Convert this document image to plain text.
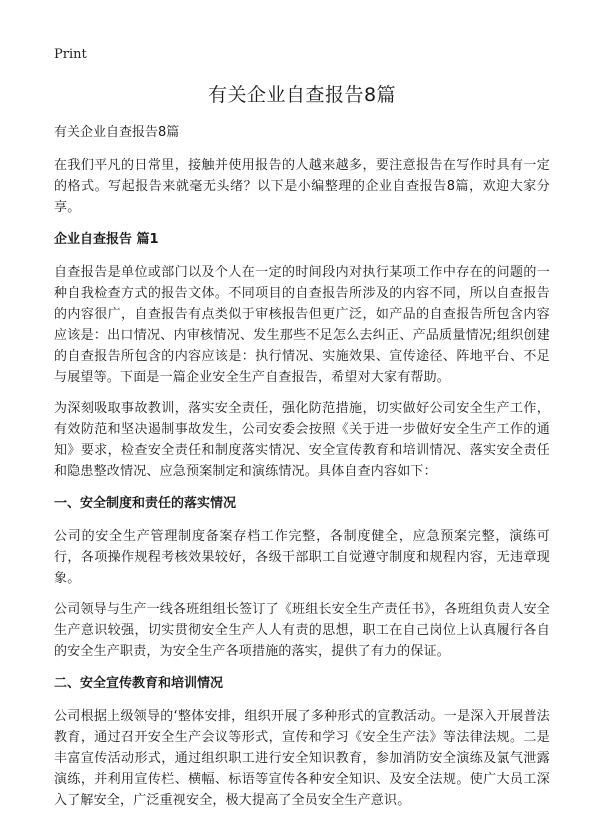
Print
有关企业自查报告8篇
有关企业自查报告8篇

在我们平凡的日常里，接触并使用报告的人越来越多，要注意报告在写作时具有一定的格式。写起报告来就毫无头绪？以下是小编整理的企业自查报告8篇，欢迎大家分享。

企业自查报告 篇1

自查报告是单位或部门以及个人在一定的时间段内对执行某项工作中存在的问题的一种自我检查方式的报告文体。不同项目的自查报告所涉及的内容不同，所以自查报告的内容很广，自查报告有点类似于审核报告但更广泛，如产品的自查报告所包含内容应该是：出口情况、内审核情况、发生那些不足怎么去纠正、产品质量情况;组织创建的自查报告所包含的内容应该是：执行情况、实施效果、宣传途径、阵地平台、不足与展望等。下面是一篇企业安全生产自查报告，希望对大家有帮助。

为深刻吸取事故教训，落实安全责任，强化防范措施，切实做好公司安全生产工作，有效防范和坚决遏制事故发生，公司安委会按照《关于进一步做好安全生产工作的通知》要求，检查安全责任和制度落实情况、安全宣传教育和培训情况、落实安全责任和隐患整改情况、应急预案制定和演练情况。具体自查内容如下：

一、安全制度和责任的落实情况

公司的安全生产管理制度备案存档工作完整，各制度健全，应急预案完整，演练可行，各项操作规程考核效果较好，各级干部职工自觉遵守制度和规程内容，无违章现象。

公司领导与生产一线各班组组长签订了《班组长安全生产责任书》，各班组负责人安全生产意识较强，切实贯彻安全生产人人有责的思想，职工在自己岗位上认真履行各自的安全生产职责，为安全生产各项措施的落实，提供了有力的保证。

二、安全宣传教育和培训情况

公司根据上级领导的‘整体安排，组织开展了多种形式的宣教活动。一是深入开展普法教育，通过召开安全生产会议等形式，宣传和学习《安全生产法》等法律法规。二是丰富宣传活动形式，通过组织职工进行安全知识教育，参加消防安全演练及氯气泄露演练，并利用宣传栏、横幅、标语等宣传各种安全知识、及安全法规。使广大员工深入了解安全，广泛重视安全，极大提高了全员安全生产意识。
